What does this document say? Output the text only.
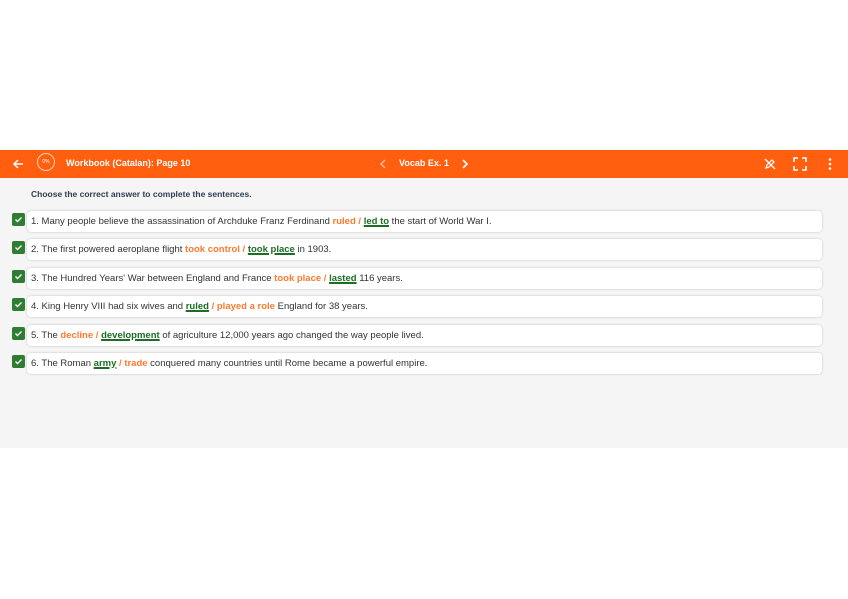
0%	Workbook (Catalan): Page 10	Vocab Ex. 1
Choose the correct answer to complete the sentences.
1. Many people believe the assassination of Archduke Franz Ferdinand ruled / led to the start of World War I.
2. The first powered aeroplane flight took control / took place in 1903.
3. The Hundred Years' War between England and France took place / lasted 116 years.
4. King Henry VIII had six wives and ruled / played a role England for 38 years.
5. The decline / development of agriculture 12,000 years ago changed the way people lived.
6. The Roman army / trade conquered many countries until Rome became a powerful empire.
